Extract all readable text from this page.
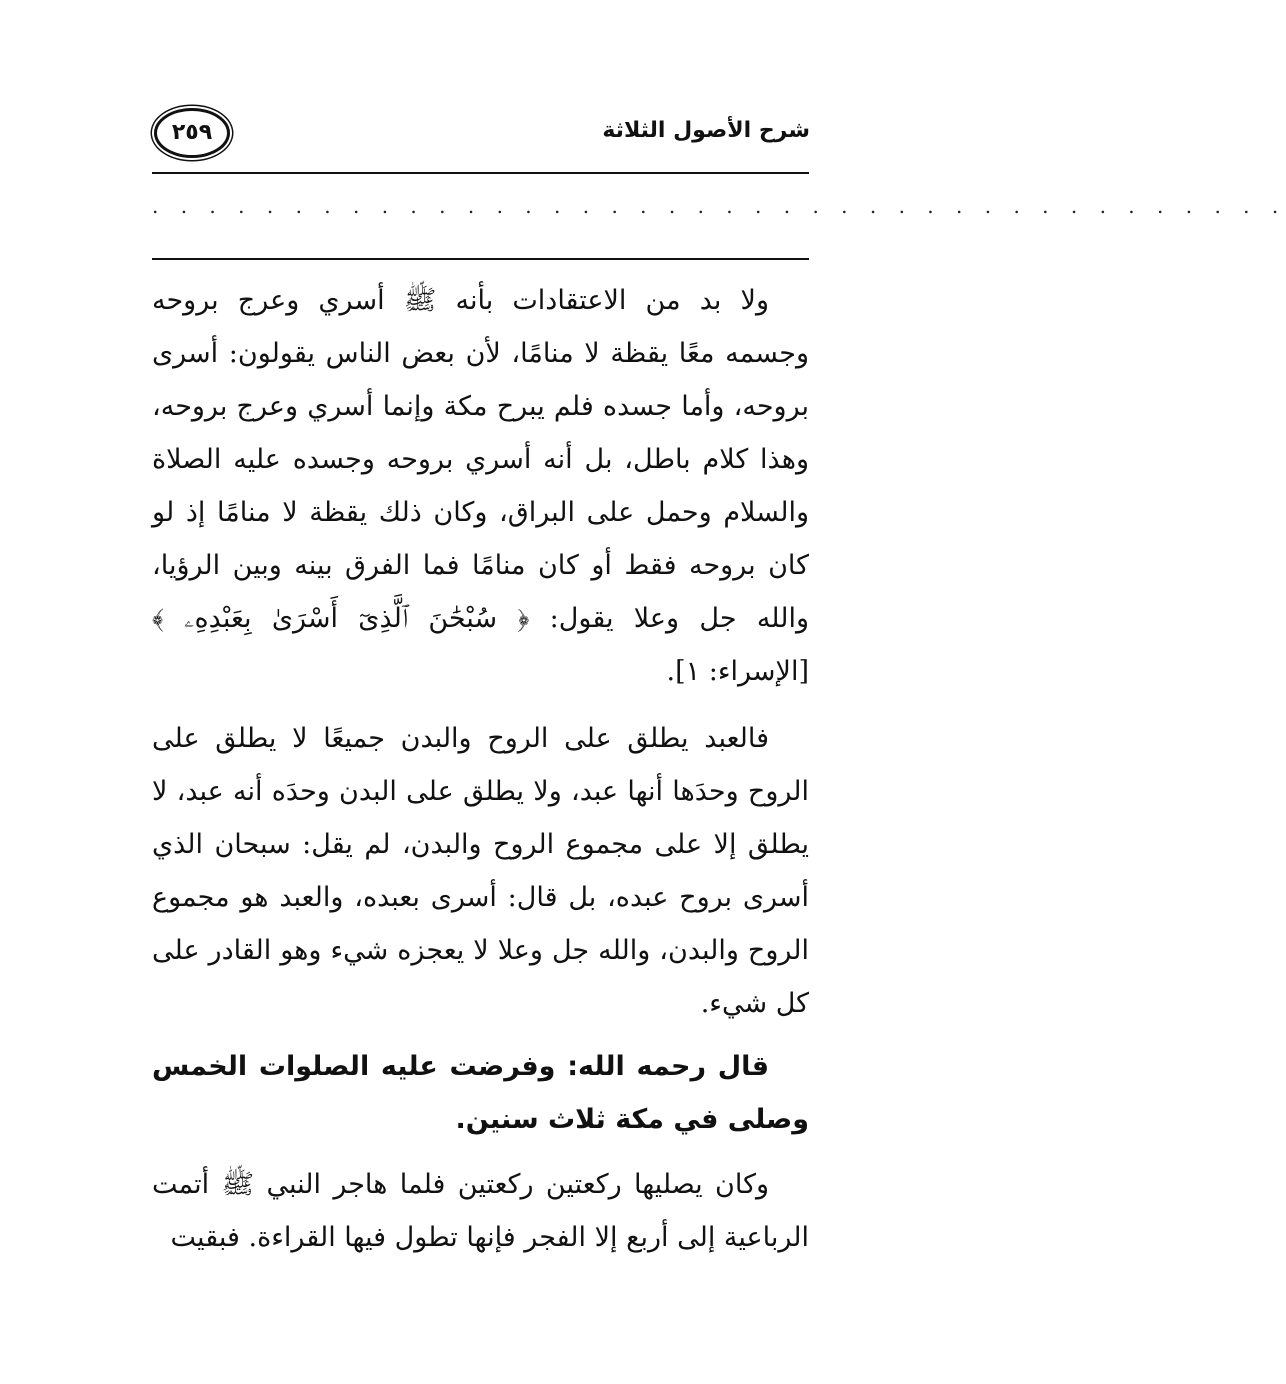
شرح الأصول الثلاثة
٢٥٩
. . . . . . . . . . . . . . . . . . . . . . . . . . . . . . . . . . . . . . . .

ولا بد من الاعتقادات بأنه ﷺ أسري وعرج بروحه وجسمه معًا يقظة لا منامًا، لأن بعض الناس يقولون: أسرى بروحه، وأما جسده فلم يبرح مكة وإنما أسري وعرج بروحه، وهذا كلام باطل، بل أنه أسري بروحه وجسده عليه الصلاة والسلام وحمل على البراق، وكان ذلك يقظة لا منامًا إذ لو كان بروحه فقط أو كان منامًا فما الفرق بينه وبين الرؤيا، والله جل وعلا يقول: ﴿ سُبْحَٰنَ ٱلَّذِىٓ أَسْرَىٰ بِعَبْدِهِۦ ﴾ [الإسراء: ١].

فالعبد يطلق على الروح والبدن جميعًا لا يطلق على الروح وحدَها أنها عبد، ولا يطلق على البدن وحدَه أنه عبد، لا يطلق إلا على مجموع الروح والبدن، لم يقل: سبحان الذي أسرى بروح عبده، بل قال: أسرى بعبده، والعبد هو مجموع الروح والبدن، والله جل وعلا لا يعجزه شيء وهو القادر على كل شيء.

قال رحمه الله: وفرضت عليه الصلوات الخمس وصلى في مكة ثلاث سنين.

وكان يصليها ركعتين ركعتين فلما هاجر النبي ﷺ أتمت الرباعية إلى أربع إلا الفجر فإنها تطول فيها القراءة. فبقيت
